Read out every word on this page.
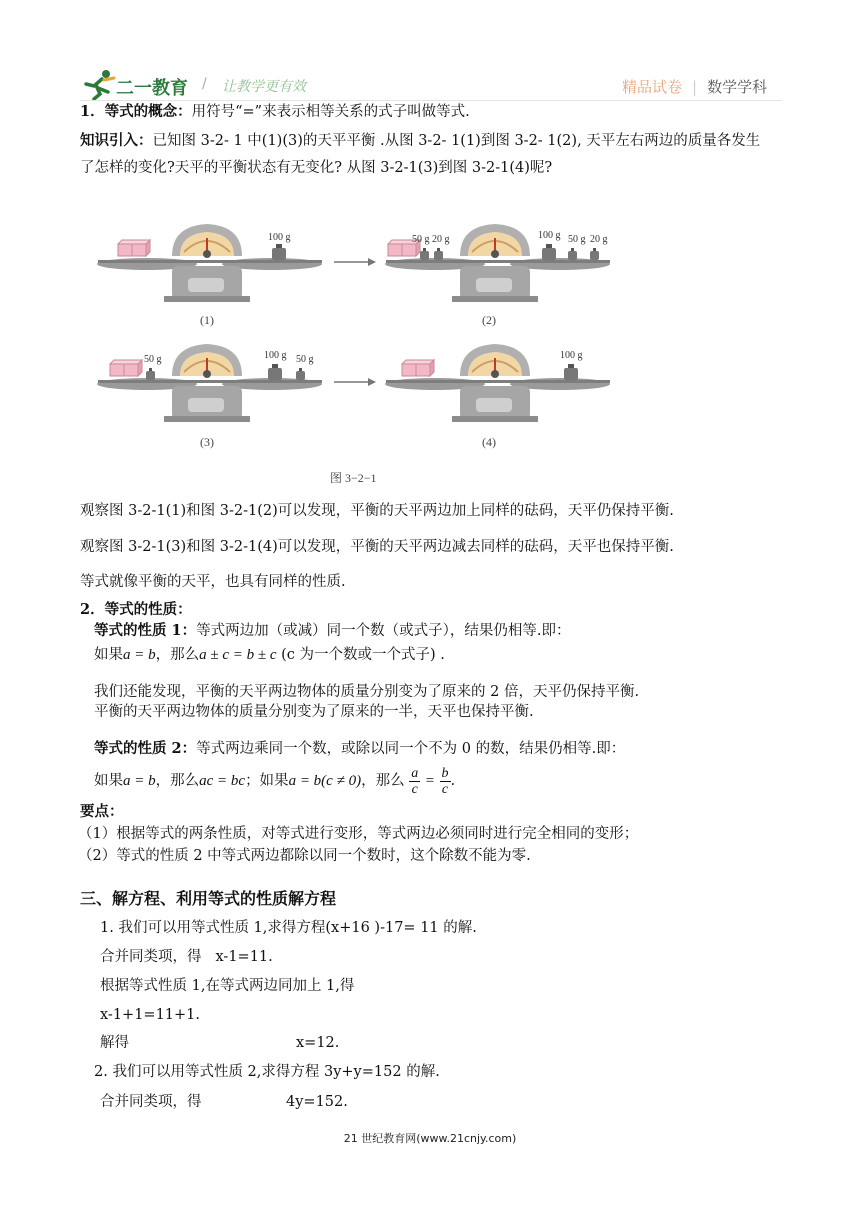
二一教育 / 让教学更有效	精品试卷 | 数学学科
1．等式的概念：用符号“=”来表示相等关系的式子叫做等式.
知识引入：已知图 3-2- 1 中(1)(3)的天平平衡 .从图 3-2- 1(1)到图 3-2- 1(2), 天平左右两边的质量各发生
了怎样的变化?天平的平衡状态有无变化? 从图 3-2-1(3)到图 3-2-1(4)呢?
100 g
(1)
50 g 20 g	100 g 50 g 20 g
(2)
50 g	100 g 50 g
(3)
100 g
(4)
图 3−2−1
观察图 3-2-1(1)和图 3-2-1(2)可以发现，平衡的天平两边加上同样的砝码，天平仍保持平衡.
观察图 3-2-1(3)和图 3-2-1(4)可以发现，平衡的天平两边减去同样的砝码，天平也保持平衡.
等式就像平衡的天平，也具有同样的性质.
2．等式的性质：
等式的性质 1：等式两边加（或减）同一个数（或式子），结果仍相等.即：
如果a = b，那么a ± c = b ± c (c 为一个数或一个式子) .
我们还能发现，平衡的天平两边物体的质量分别变为了原来的 2 倍，天平仍保持平衡.
平衡的天平两边物体的质量分别变为了原来的一半，天平也保持平衡.
等式的性质 2：等式两边乘同一个数，或除以同一个不为 0 的数，结果仍相等.即：
如果a = b，那么ac = bc；如果a = b(c ≠ 0)，那么 $\frac{a}{c} = \frac{b}{c}$ .
要点：
（1）根据等式的两条性质，对等式进行变形，等式两边必须同时进行完全相同的变形；
（2）等式的性质 2 中等式两边都除以同一个数时，这个除数不能为零.
三、解方程、利用等式的性质解方程
1. 我们可以用等式性质 1,求得方程(x+16 )-17= 11 的解.
合并同类项，得 x-1=11.
根据等式性质 1,在等式两边同加上 1,得
x-1+1=11+1.
解得	x=12.
2. 我们可以用等式性质 2,求得方程 3y+y=152 的解.
合并同类项，得	4y=152.
21 世纪教育网(www.21cnjy.com)
